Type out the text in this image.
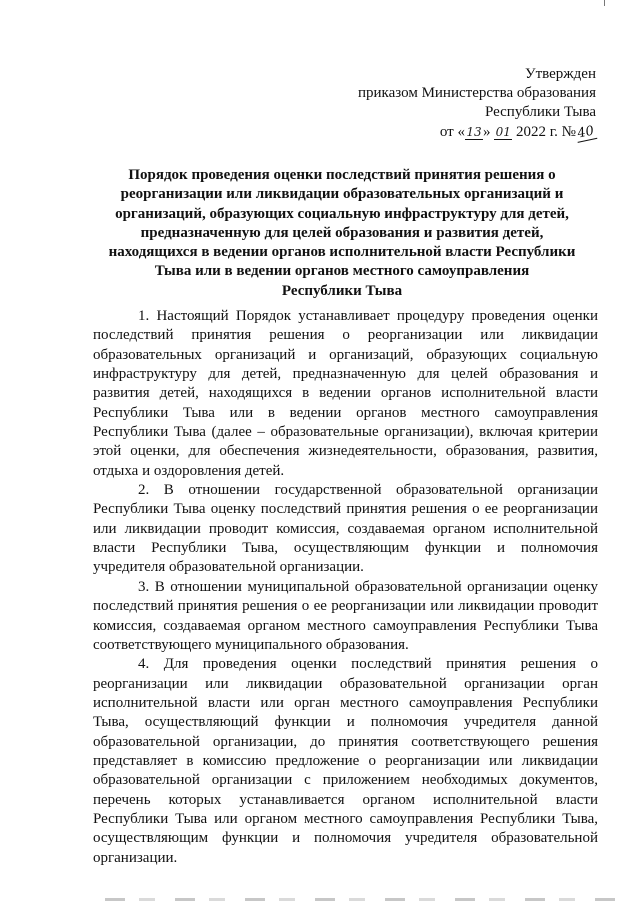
Утвержден
приказом Министерства образования
Республики Тыва
от «13» 01 2022 г. №40
Порядок проведения оценки последствий принятия решения о
реорганизации или ликвидации образовательных организаций и
организаций, образующих социальную инфраструктуру для детей,
предназначенную для целей образования и развития детей,
находящихся в ведении органов исполнительной власти Республики
Тыва или в ведении органов местного самоуправления
Республики Тыва

1. Настоящий Порядок устанавливает процедуру проведения оценки последствий принятия решения о реорганизации или ликвидации образовательных организаций и организаций, образующих социальную инфраструктуру для детей, предназначенную для целей образования и развития детей, находящихся в ведении органов исполнительной власти Республики Тыва или в ведении органов местного самоуправления Республики Тыва (далее – образовательные организации), включая критерии этой оценки, для обеспечения жизнедеятельности, образования, развития, отдыха и оздоровления детей.

2. В отношении государственной образовательной организации Республики Тыва оценку последствий принятия решения о ее реорганизации или ликвидации проводит комиссия, создаваемая органом исполнительной власти Республики Тыва, осуществляющим функции и полномочия учредителя образовательной организации.

3. В отношении муниципальной образовательной организации оценку последствий принятия решения о ее реорганизации или ликвидации проводит комиссия, создаваемая органом местного самоуправления Республики Тыва соответствующего муниципального образования.

4. Для проведения оценки последствий принятия решения о реорганизации или ликвидации образовательной организации орган исполнительной власти или орган местного самоуправления Республики Тыва, осуществляющий функции и полномочия учредителя данной образовательной организации, до принятия соответствующего решения представляет в комиссию предложение о реорганизации или ликвидации образовательной организации с приложением необходимых документов, перечень которых устанавливается органом исполнительной власти Республики Тыва или органом местного самоуправления Республики Тыва, осуществляющим функции и полномочия учредителя образовательной организации.
